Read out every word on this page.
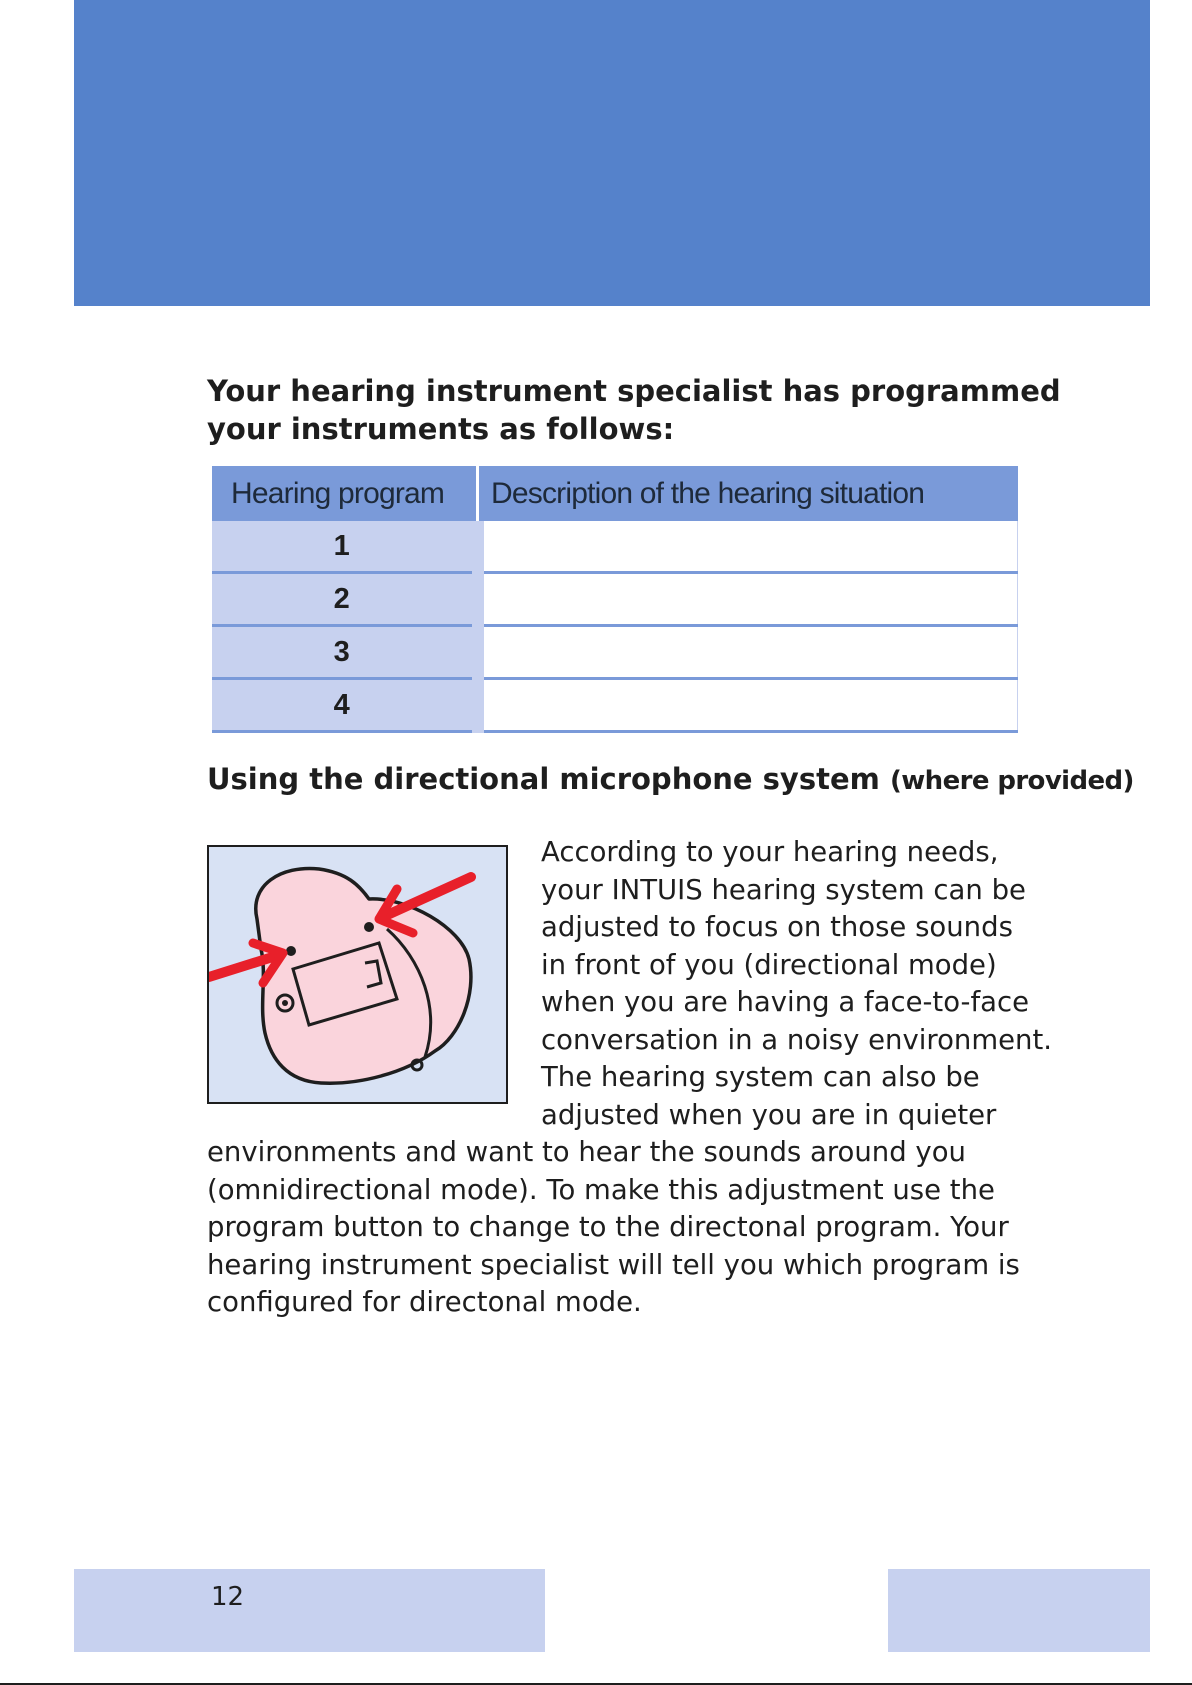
Your hearing instrument specialist has programmed
your instruments as follows:
Hearing program	Description of the hearing situation
1	
2	
3	
4	
Using the directional microphone system (where provided)
According to your hearing needs,
your INTUIS hearing system can be
adjusted to focus on those sounds
in front of you (directional mode)
when you are having a face-to-face
conversation in a noisy environment.
The hearing system can also be
adjusted when you are in quieter
environments and want to hear the sounds around you
(omnidirectional mode). To make this adjustment use the
program button to change to the directonal program. Your
hearing instrument specialist will tell you which program is
configured for directonal mode.
12
